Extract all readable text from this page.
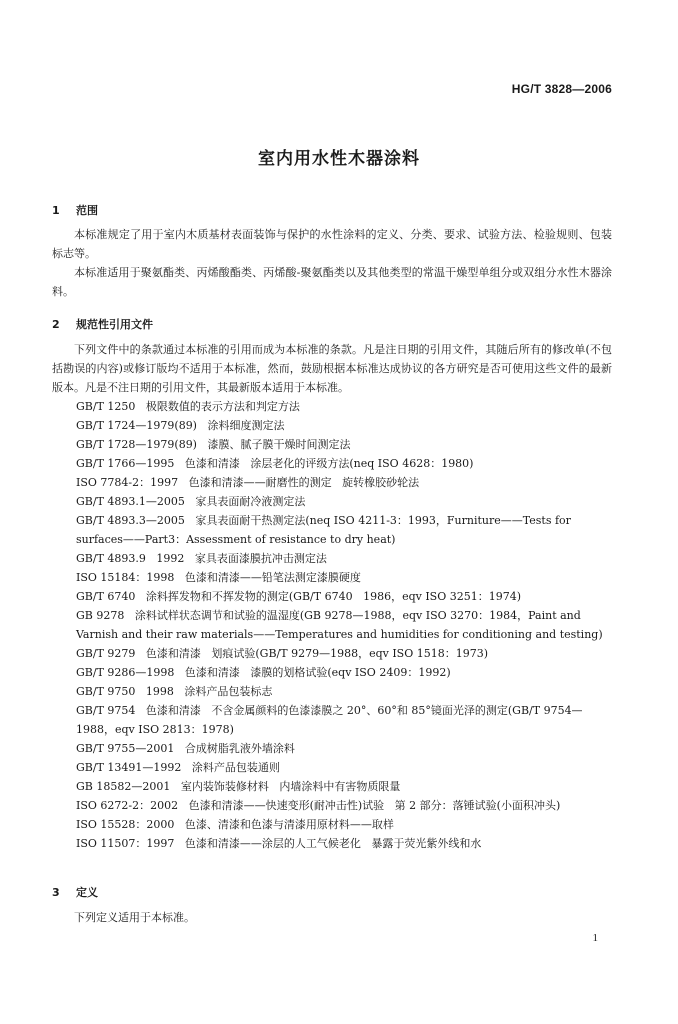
HG/T 3828—2006
室内用水性木器涂料
1 范围

本标准规定了用于室内木质基材表面装饰与保护的水性涂料的定义、分类、要求、试验方法、检验规则、包装标志等。

本标准适用于聚氨酯类、丙烯酸酯类、丙烯酸-聚氨酯类以及其他类型的常温干燥型单组分或双组分水性木器涂料。

2 规范性引用文件

下列文件中的条款通过本标准的引用而成为本标准的条款。凡是注日期的引用文件，其随后所有的修改单(不包括勘误的内容)或修订版均不适用于本标准，然而，鼓励根据本标准达成协议的各方研究是否可使用这些文件的最新版本。凡是不注日期的引用文件，其最新版本适用于本标准。

GB/T 1250   极限数值的表示方法和判定方法

GB/T 1724—1979(89)   涂料细度测定法

GB/T 1728—1979(89)   漆膜、腻子膜干燥时间测定法

GB/T 1766—1995   色漆和清漆   涂层老化的评级方法(neq ISO 4628：1980)

ISO 7784-2：1997   色漆和清漆——耐磨性的测定   旋转橡胶砂轮法

GB/T 4893.1—2005   家具表面耐冷液测定法

GB/T 4893.3—2005   家具表面耐干热测定法(neq ISO 4211-3：1993，Furniture——Tests for surfaces——Part3：Assessment of resistance to dry heat)

GB/T 4893.9   1992   家具表面漆膜抗冲击测定法

ISO 15184：1998   色漆和清漆——铅笔法测定漆膜硬度

GB/T 6740   涂料挥发物和不挥发物的测定(GB/T 6740   1986，eqv ISO 3251：1974)

GB 9278   涂料试样状态调节和试验的温湿度(GB 9278—1988，eqv ISO 3270：1984，Paint and Varnish and their raw materials——Temperatures and humidities for conditioning and testing)

GB/T 9279   色漆和清漆   划痕试验(GB/T 9279—1988，eqv ISO 1518：1973)

GB/T 9286—1998   色漆和清漆   漆膜的划格试验(eqv ISO 2409：1992)

GB/T 9750   1998   涂料产品包装标志

GB/T 9754   色漆和清漆   不含金属颜料的色漆漆膜之 20°、60°和 85°镜面光泽的测定(GB/T 9754—1988，eqv ISO 2813：1978)

GB/T 9755—2001   合成树脂乳液外墙涂料

GB/T 13491—1992   涂料产品包装通则

GB 18582—2001   室内装饰装修材料   内墙涂料中有害物质限量

ISO 6272-2：2002   色漆和清漆——快速变形(耐冲击性)试验   第 2 部分：落锤试验(小面积冲头)

ISO 15528：2000   色漆、清漆和色漆与清漆用原材料——取样

ISO 11507：1997   色漆和清漆——涂层的人工气候老化   暴露于荧光紫外线和水

3 定义

下列定义适用于本标准。

1
